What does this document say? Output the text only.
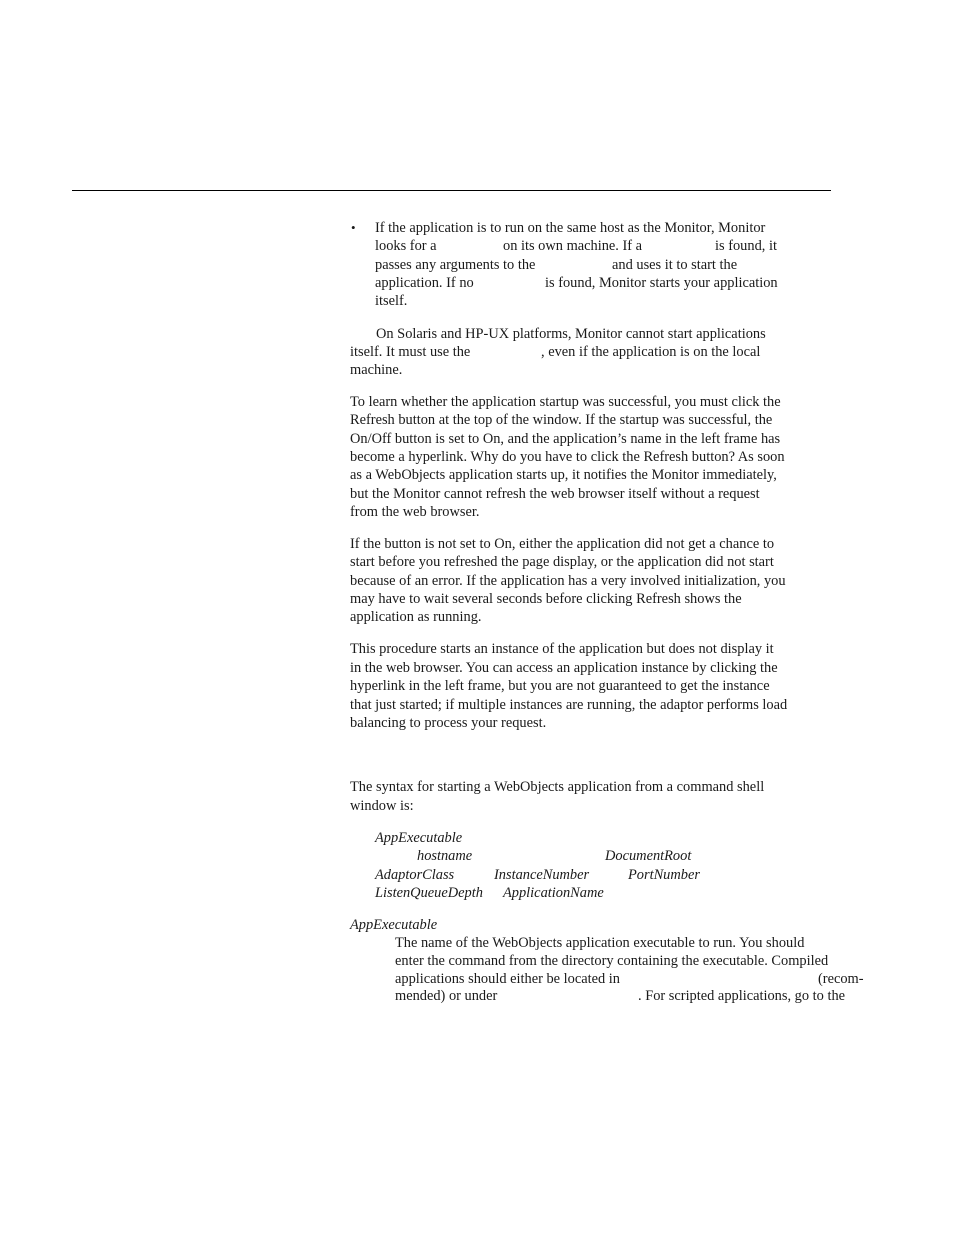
• If the application is to run on the same host as the Monitor, Monitor
looks for a	on its own machine. If a	is found, it
passes any arguments to the	and uses it to start the
application. If no	is found, Monitor starts your application
itself.
On Solaris and HP-UX platforms, Monitor cannot start applications
itself. It must use the	, even if the application is on the local
machine.
To learn whether the application startup was successful, you must click the
Refresh button at the top of the window. If the startup was successful, the
On/Off button is set to On, and the application’s name in the left frame has
become a hyperlink. Why do you have to click the Refresh button? As soon
as a WebObjects application starts up, it notifies the Monitor immediately,
but the Monitor cannot refresh the web browser itself without a request
from the web browser.
If the button is not set to On, either the application did not get a chance to
start before you refreshed the page display, or the application did not start
because of an error. If the application has a very involved initialization, you
may have to wait several seconds before clicking Refresh shows the
application as running.
This procedure starts an instance of the application but does not display it
in the web browser. You can access an application instance by clicking the
hyperlink in the left frame, but you are not guaranteed to get the instance
that just started; if multiple instances are running, the adaptor performs load
balancing to process your request.
The syntax for starting a WebObjects application from a command shell
window is:
AppExecutable
hostname	DocumentRoot
AdaptorClass	InstanceNumber	PortNumber
ListenQueueDepth ApplicationName
AppExecutable
The name of the WebObjects application executable to run. You should
enter the command from the directory containing the executable. Compiled
applications should either be located in	(recom-
mended) or under	. For scripted applications, go to the
